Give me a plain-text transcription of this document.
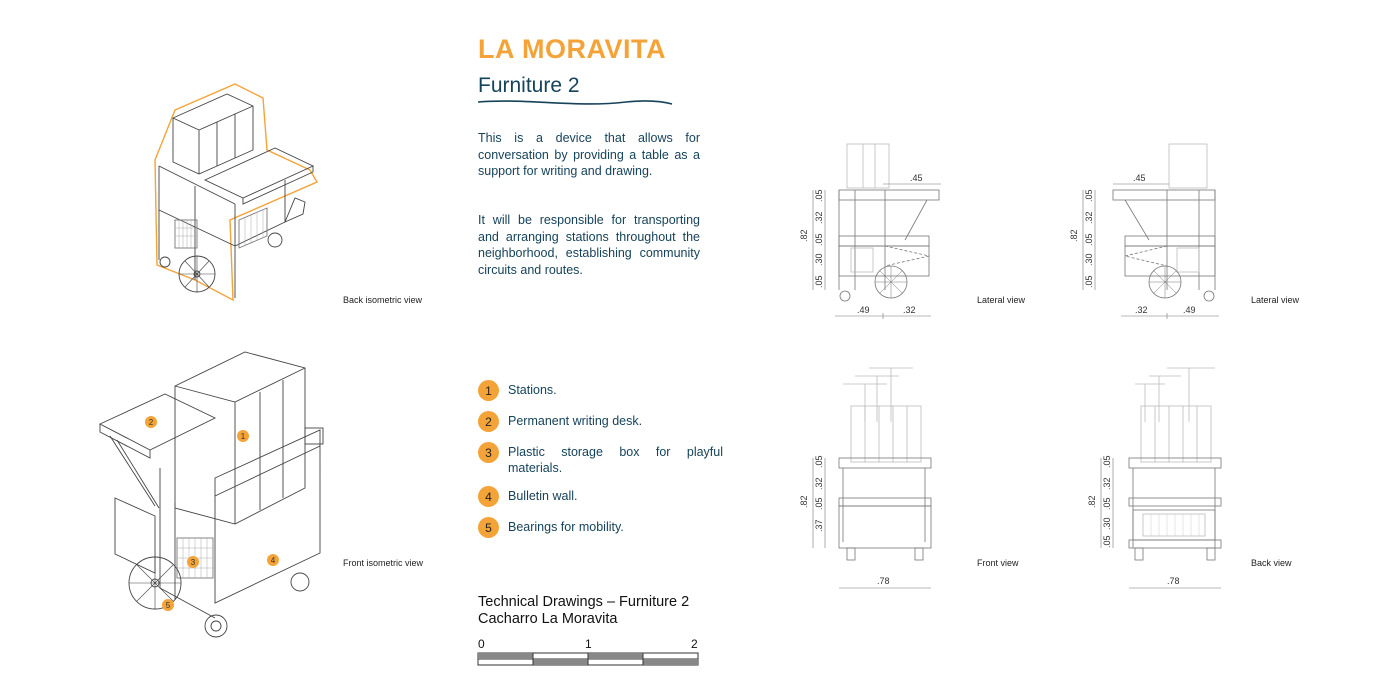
LA MORAVITA
Furniture 2
This is a device that allows for conversation by providing a table as a support for writing and drawing.
It will be responsible for transporting and arranging stations throughout the neighborhood, establishing community circuits and routes.
1	Stations.
2	Permanent writing desk.
3	Plastic storage box for playful materials.
4	Bulletin wall.
5	Bearings for mobility.
Technical Drawings – Furniture 2
Cacharro La Moravita
0	1	2
Back isometric view
1
2
3	4
5
Front isometric view
.45
.82
.05
.32
.05
.30
.05
.49	.32
Lateral view
.45
.82
.05
.32
.05
.30
.05
.32	.49
Lateral view
.82
.05
.32
.05
.37
.78
Front view
.82
.05
.32
.05
.30
.05
.78
Back view
